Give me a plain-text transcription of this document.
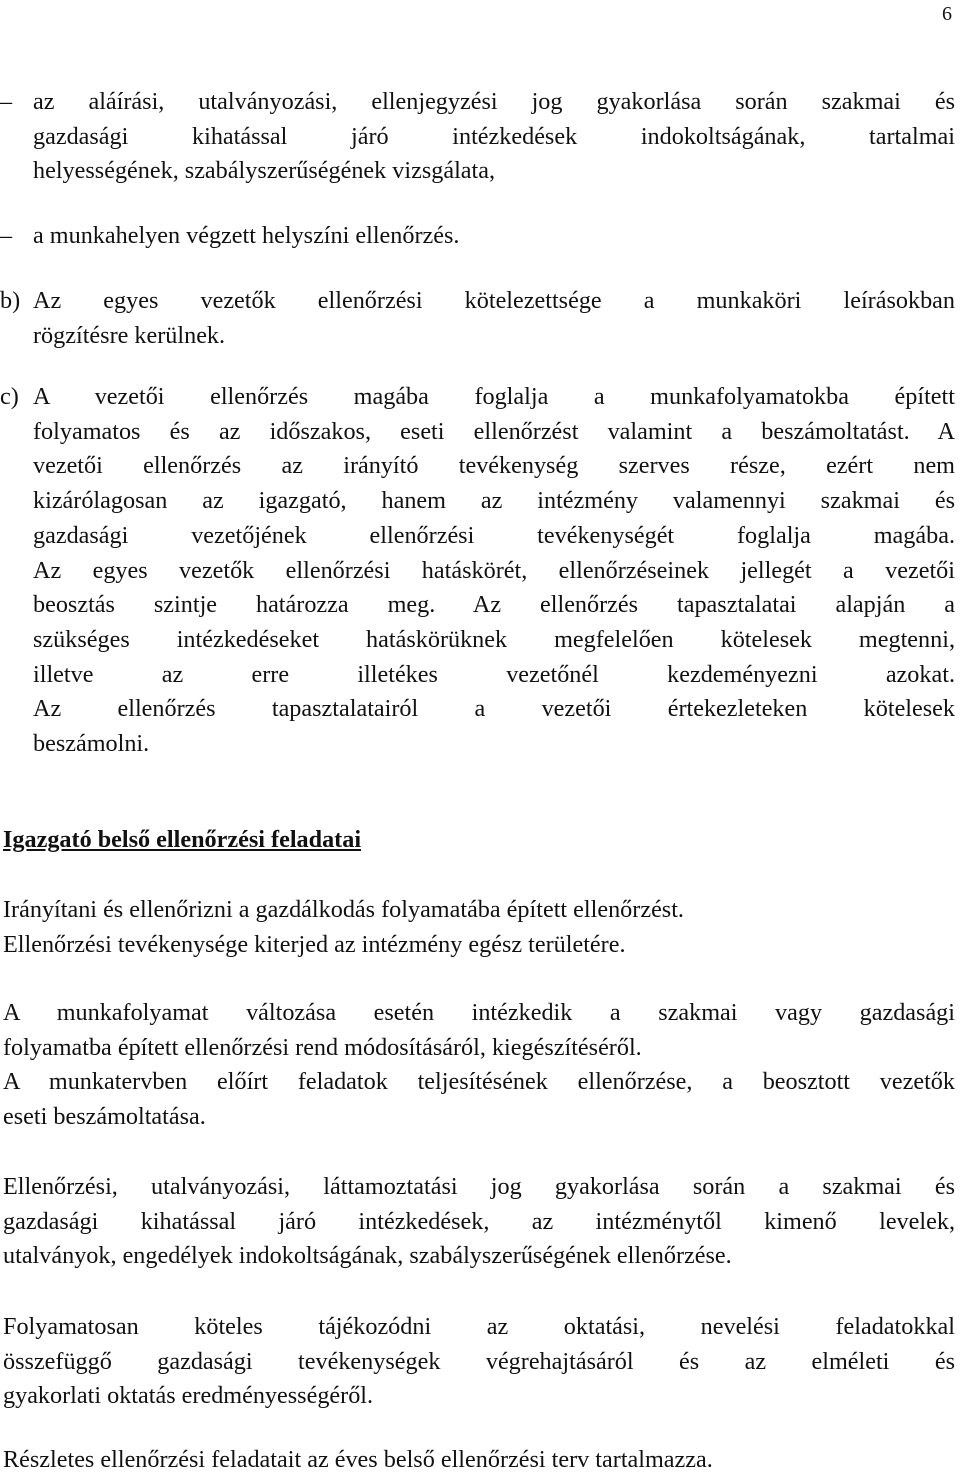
6
– az aláírási, utalványozási, ellenjegyzési jog gyakorlása során szakmai és
gazdasági kihatással járó intézkedések indokoltságának, tartalmai
helyességének, szabályszerűségének vizsgálata,
– a munkahelyen végzett helyszíni ellenőrzés.
b) Az egyes vezetők ellenőrzési kötelezettsége a munkaköri leírásokban
rögzítésre kerülnek.
c) A vezetői ellenőrzés magába foglalja a munkafolyamatokba épített
folyamatos és az időszakos, eseti ellenőrzést valamint a beszámoltatást. A
vezetői ellenőrzés az irányító tevékenység szerves része, ezért nem
kizárólagosan az igazgató, hanem az intézmény valamennyi szakmai és
gazdasági vezetőjének ellenőrzési tevékenységét foglalja magába.
Az egyes vezetők ellenőrzési hatáskörét, ellenőrzéseinek jellegét a vezetői
beosztás szintje határozza meg. Az ellenőrzés tapasztalatai alapján a
szükséges intézkedéseket hatáskörüknek megfelelően kötelesek megtenni,
illetve az erre illetékes vezetőnél kezdeményezni azokat.
Az ellenőrzés tapasztalatairól a vezetői értekezleteken kötelesek
beszámolni.
Igazgató belső ellenőrzési feladatai
Irányítani és ellenőrizni a gazdálkodás folyamatába épített ellenőrzést.
Ellenőrzési tevékenysége kiterjed az intézmény egész területére.
A munkafolyamat változása esetén intézkedik a szakmai vagy gazdasági
folyamatba épített ellenőrzési rend módosításáról, kiegészítéséről.
A munkatervben előírt feladatok teljesítésének ellenőrzése, a beosztott vezetők
eseti beszámoltatása.
Ellenőrzési, utalványozási, láttamoztatási jog gyakorlása során a szakmai és
gazdasági kihatással járó intézkedések, az intézménytől kimenő levelek,
utalványok, engedélyek indokoltságának, szabályszerűségének ellenőrzése.
Folyamatosan köteles tájékozódni az oktatási, nevelési feladatokkal
összefüggő gazdasági tevékenységek végrehajtásáról és az elméleti és
gyakorlati oktatás eredményességéről.
Részletes ellenőrzési feladatait az éves belső ellenőrzési terv tartalmazza.
